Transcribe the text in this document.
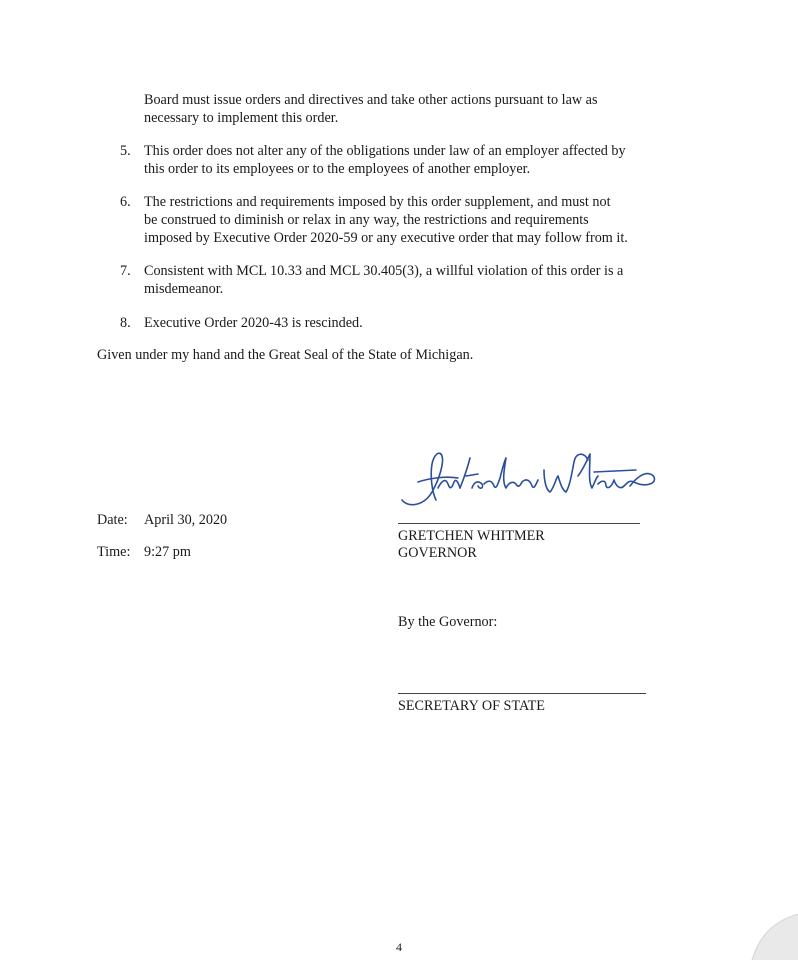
Board must issue orders and directives and take other actions pursuant to law as
necessary to implement this order.
5. This order does not alter any of the obligations under law of an employer affected by
this order to its employees or to the employees of another employer.
6. The restrictions and requirements imposed by this order supplement, and must not
be construed to diminish or relax in any way, the restrictions and requirements
imposed by Executive Order 2020-59 or any executive order that may follow from it.
7. Consistent with MCL 10.33 and MCL 30.405(3), a willful violation of this order is a
misdemeanor.
8. Executive Order 2020-43 is rescinded.
Given under my hand and the Great Seal of the State of Michigan.
Date: April 30, 2020
Time: 9:27 pm
GRETCHEN WHITMER
GOVERNOR
By the Governor:
SECRETARY OF STATE
4
